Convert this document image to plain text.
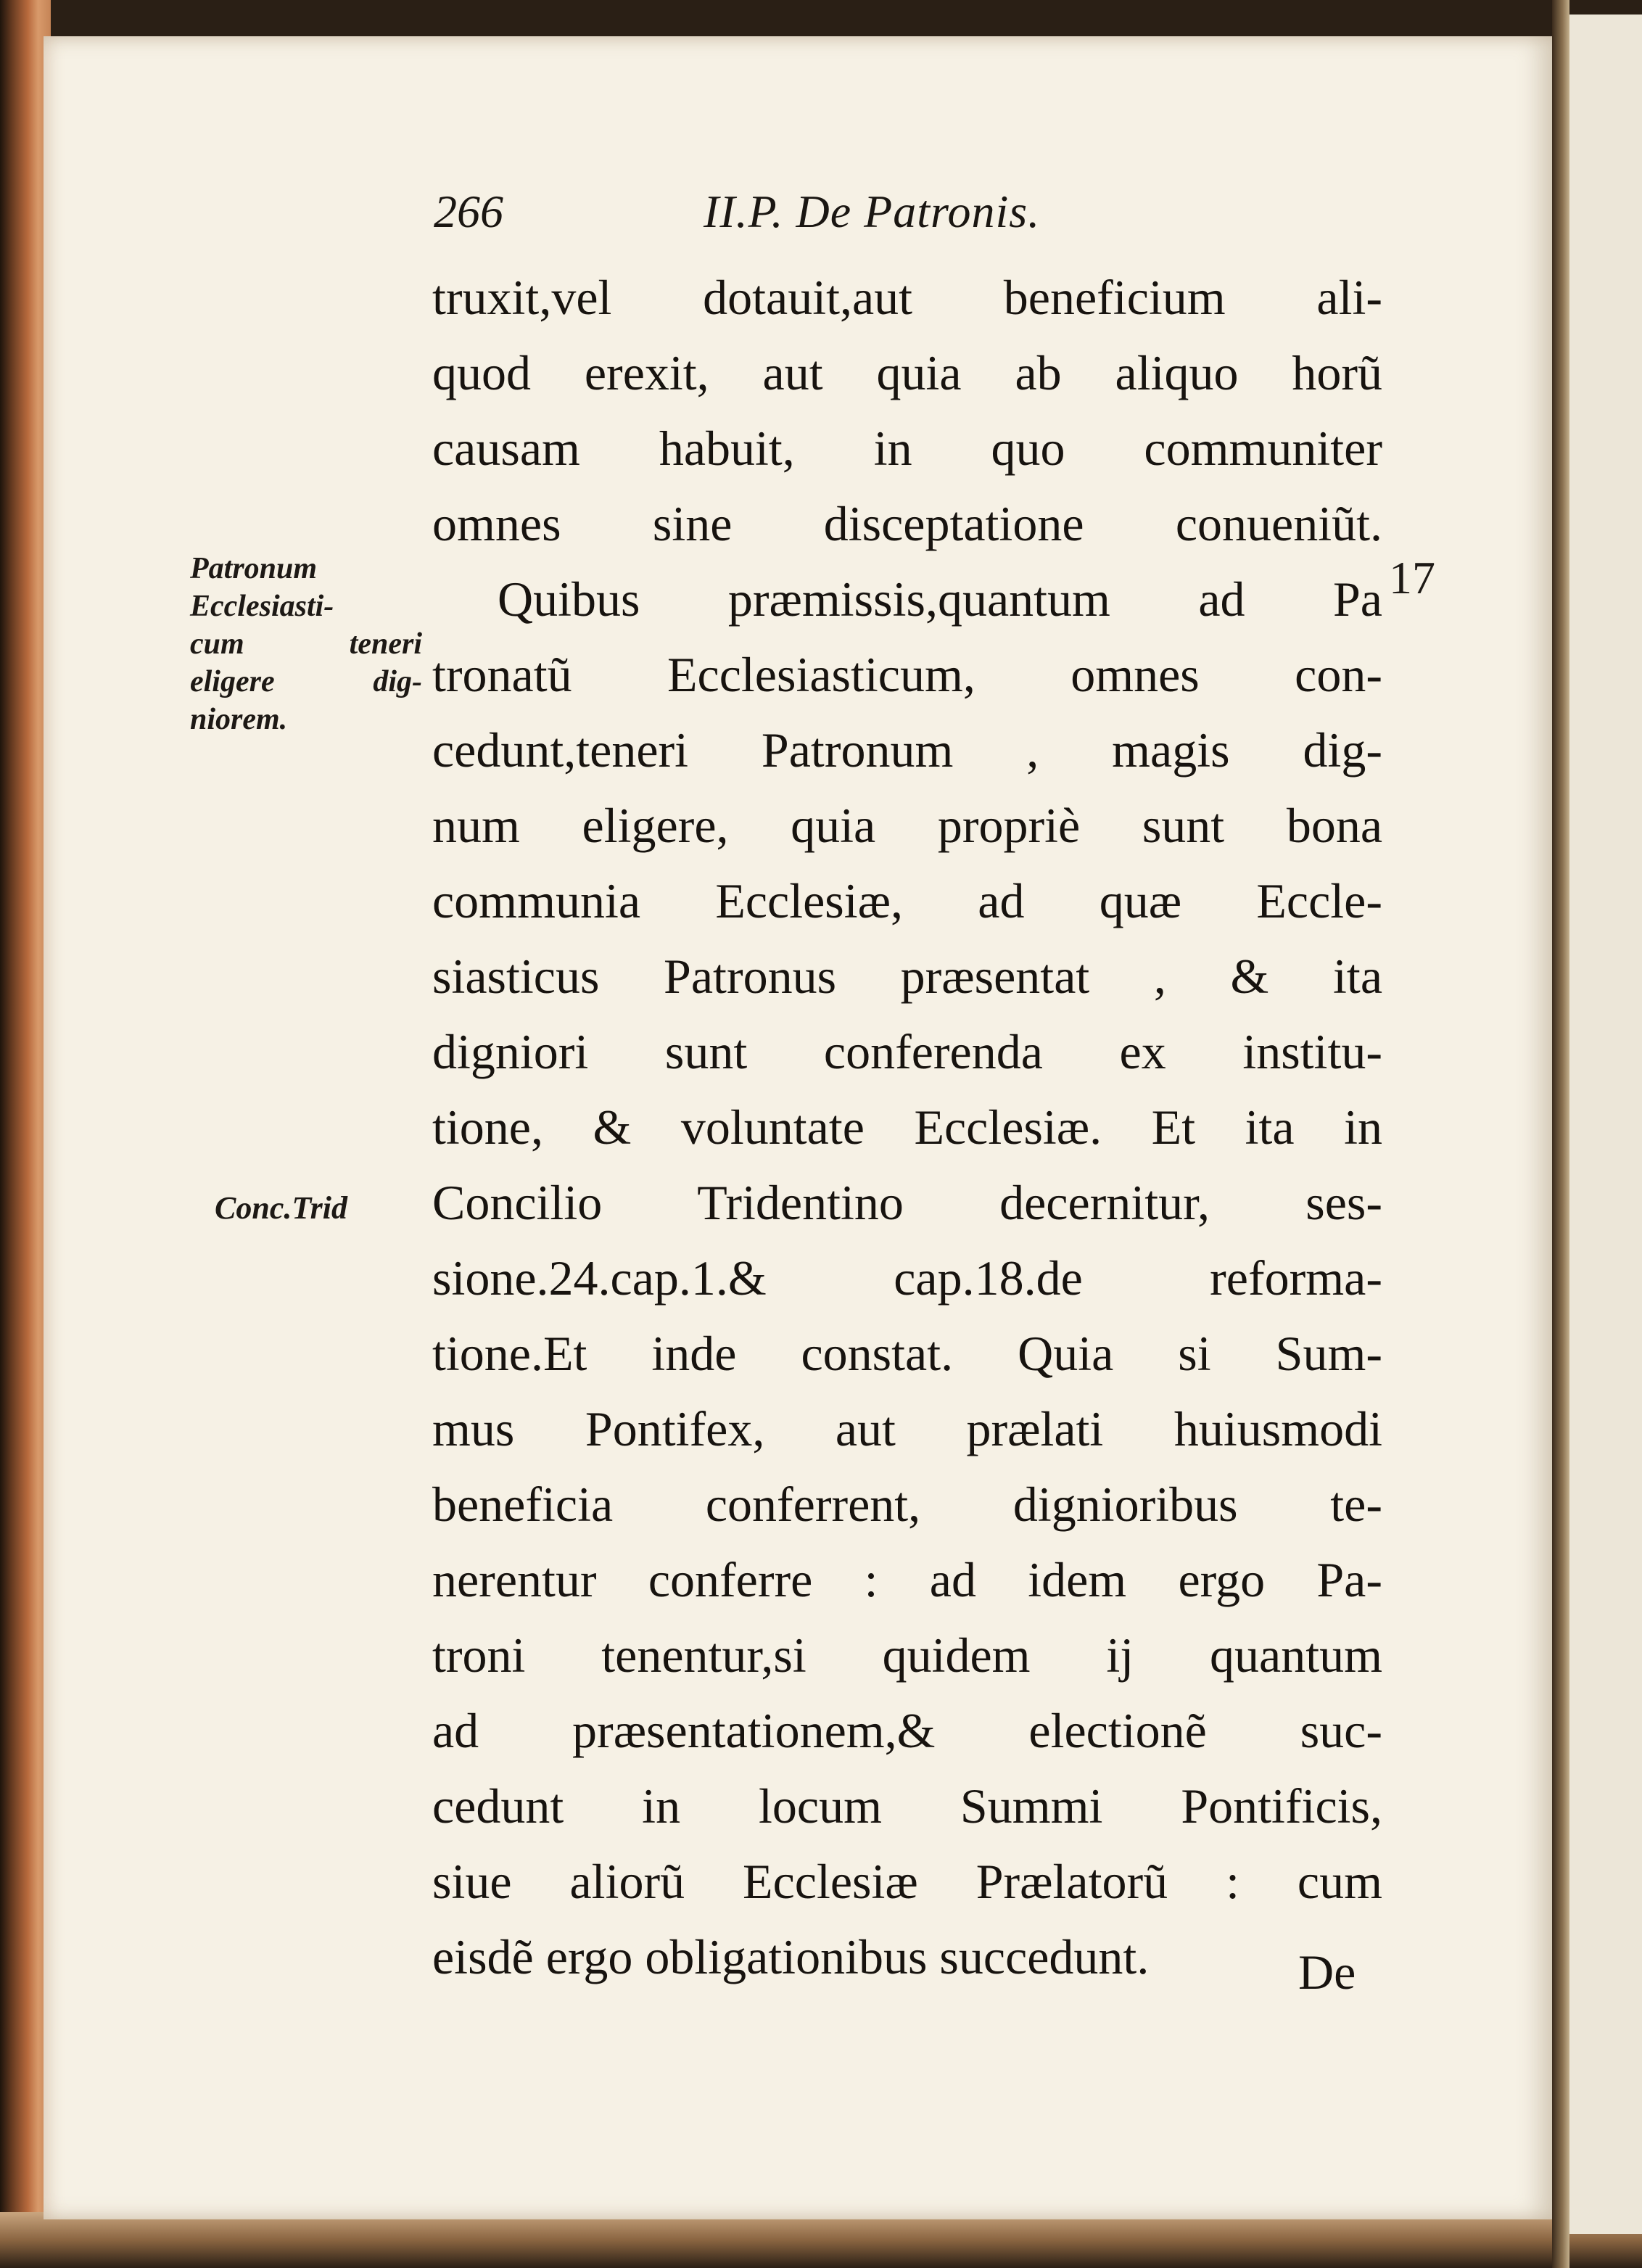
266	II.P. De Patronis.
Patronum
Ecclesiasti-
cum teneri
eligere dig-
niorem.
Conc.Trid
17
truxit,vel dotauit,aut beneficium ali-
quod erexit, aut quia ab aliquo horũ
causam habuit, in quo communiter
omnes sine disceptatione conueniũt.
Quibus præmissis,quantum ad Pa
tronatũ Ecclesiasticum, omnes con-
cedunt,teneri Patronum , magis dig-
num eligere, quia propriè sunt bona
communia Ecclesiæ, ad quæ Eccle-
siasticus Patronus præsentat , & ita
digniori sunt conferenda ex institu-
tione, & voluntate Ecclesiæ. Et ita in
Concilio Tridentino decernitur, ses-
sione.24.cap.1.& cap.18.de reforma-
tione.Et inde constat. Quia si Sum-
mus Pontifex, aut prælati huiusmodi
beneficia conferrent, dignioribus te-
nerentur conferre : ad idem ergo Pa-
troni tenentur,si quidem ij quantum
ad præsentationem,& electionẽ suc-
cedunt in locum Summi Pontificis,
siue aliorũ Ecclesiæ Prælatorũ : cum
eisdẽ ergo obligationibus succedunt.	De
